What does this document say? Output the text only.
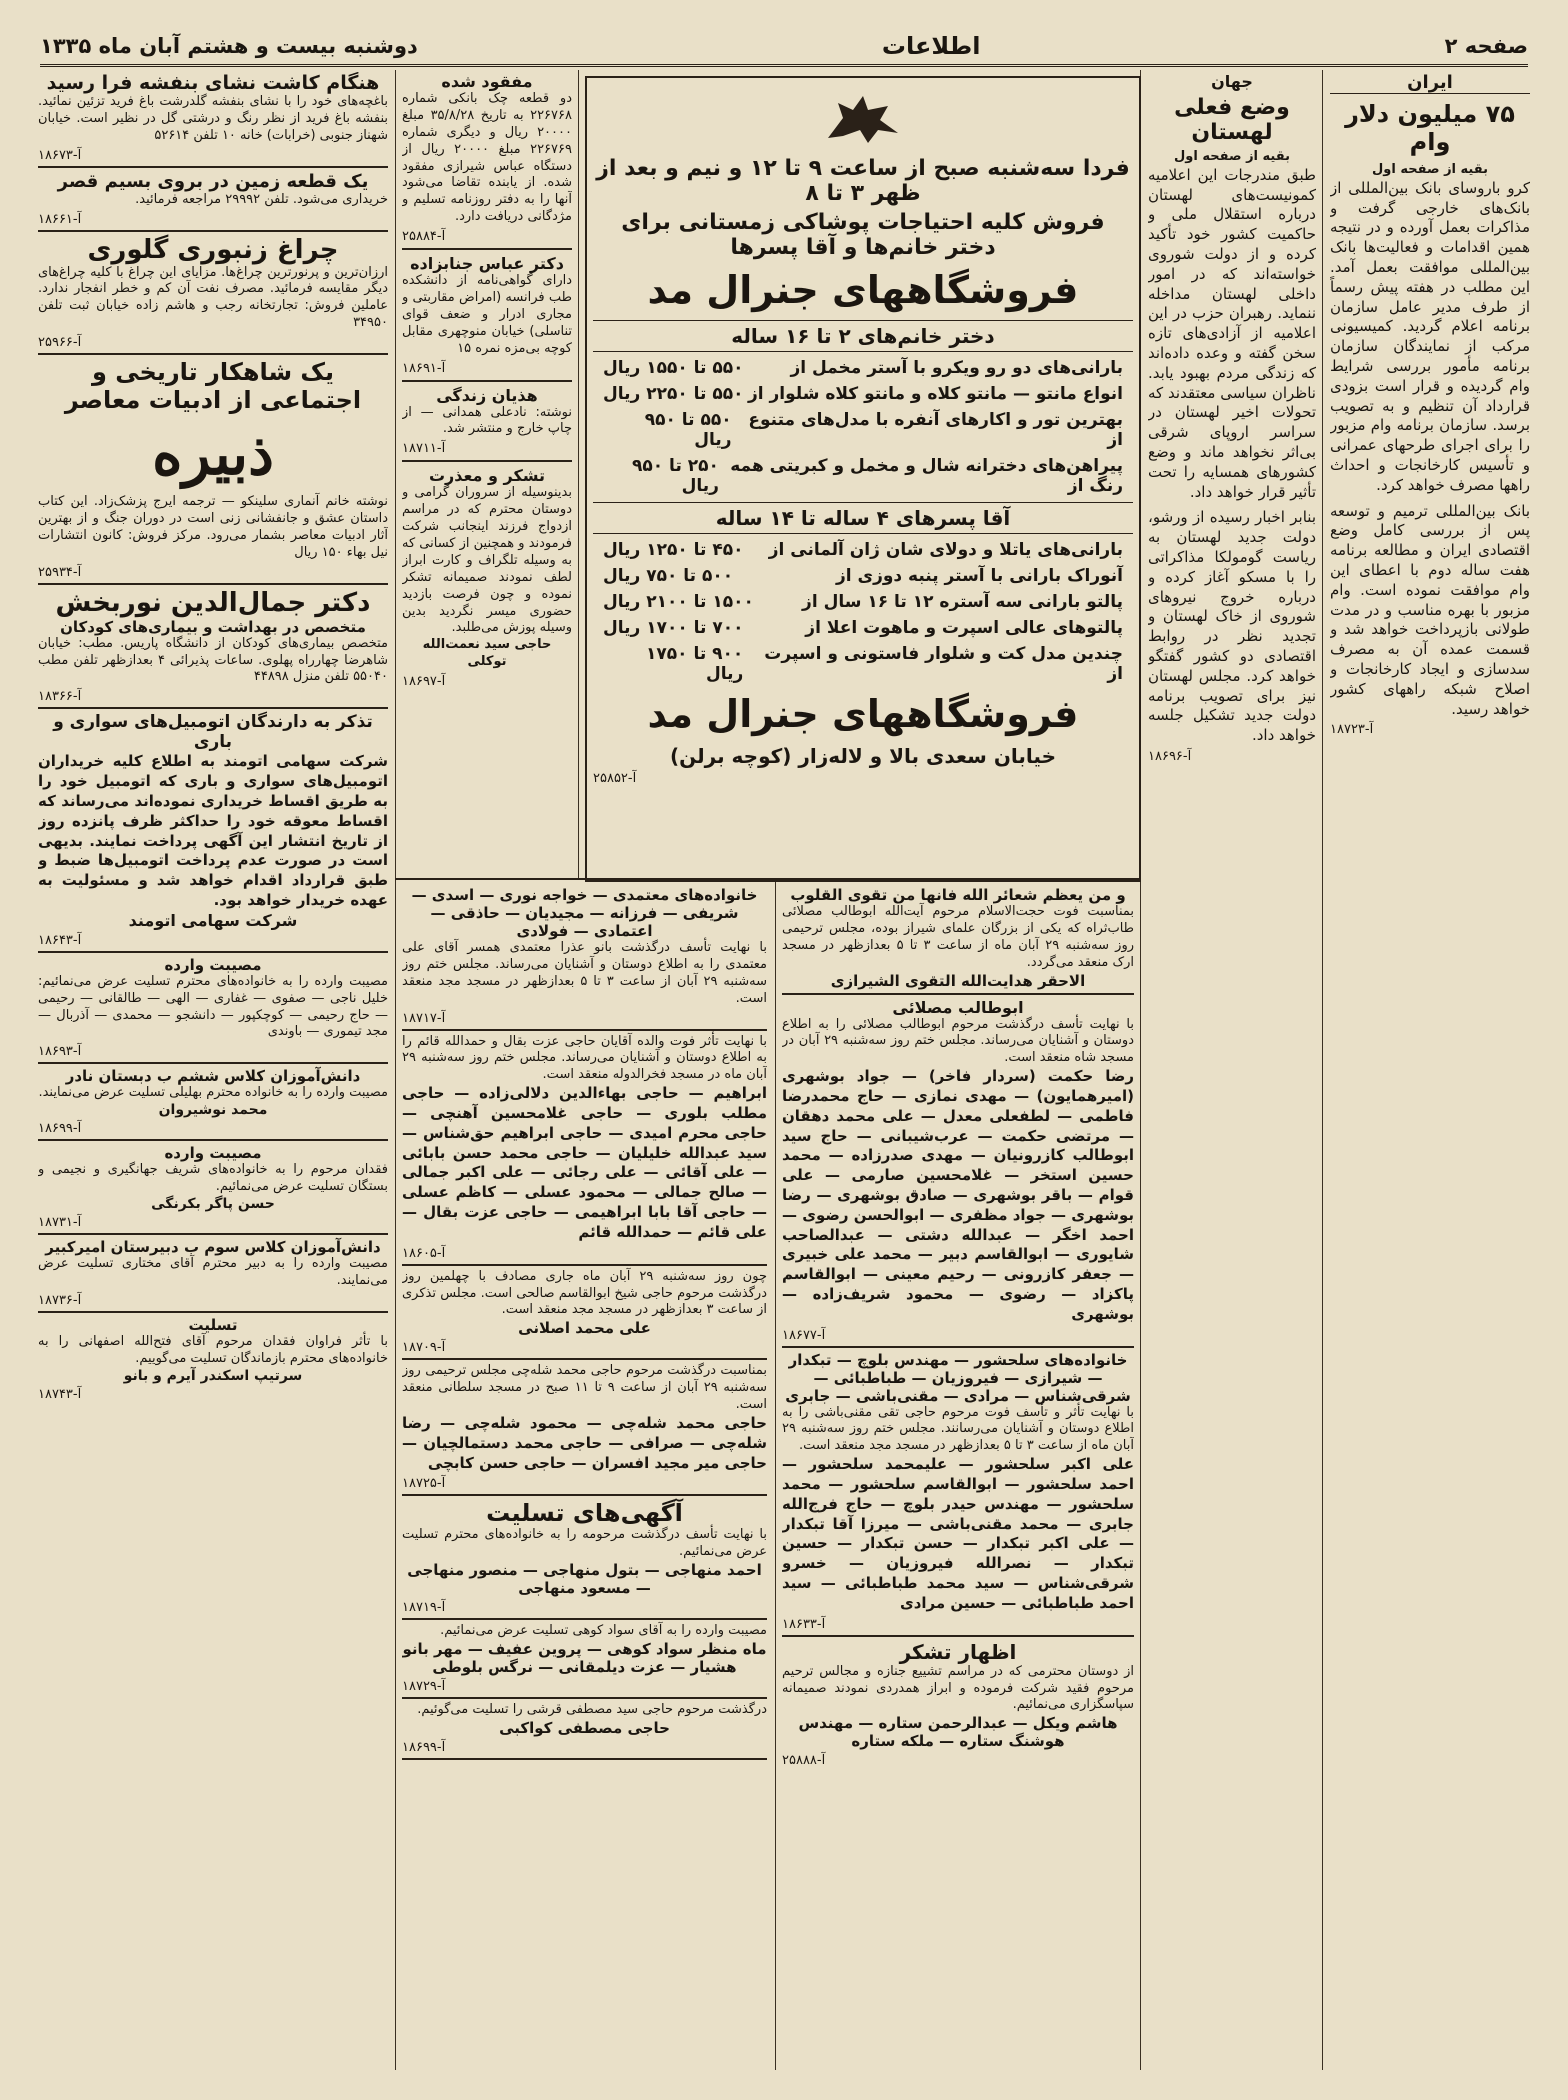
صفحه ۲
اطلاعات
دوشنبه بیست و هشتم آبان ماه ۱۳۳۵
ایران
۷۵ میلیون دلار وام
بقیه از صفحه اول
کرو باروسای بانک بین‌المللی از بانک‌های خارجی گرفت و مذاکرات بعمل آورده و در نتیجه همین اقدامات و فعالیت‌ها بانک بین‌المللی موافقت بعمل آمد. این مطلب در هفته پیش رسماً از طرف مدیر عامل سازمان برنامه اعلام گردید. کمیسیونی مرکب از نمایندگان سازمان برنامه مأمور بررسی شرایط وام گردیده و قرار است بزودی قرارداد آن تنظیم و به تصویب برسد. سازمان برنامه وام مزبور را برای اجرای طرحهای عمرانی و تأسیس کارخانجات و احداث راهها مصرف خواهد کرد.
بانک بین‌المللی ترمیم و توسعه پس از بررسی کامل وضع اقتصادی ایران و مطالعه برنامه هفت ساله دوم با اعطای این وام موافقت نموده است. وام مزبور با بهره مناسب و در مدت طولانی بازپرداخت خواهد شد و قسمت عمده آن به مصرف سدسازی و ایجاد کارخانجات و اصلاح شبکه راههای کشور خواهد رسید.
آ-۱۸۷۲۳
جهان
وضع فعلی لهستان
بقیه از صفحه اول
طبق مندرجات این اعلامیه کمونیست‌های لهستان درباره استقلال ملی و حاکمیت کشور خود تأکید کرده و از دولت شوروی خواسته‌اند که در امور داخلی لهستان مداخله ننماید. رهبران حزب در این اعلامیه از آزادی‌های تازه سخن گفته و وعده داده‌اند که زندگی مردم بهبود یابد. ناظران سیاسی معتقدند که تحولات اخیر لهستان در سراسر اروپای شرقی بی‌اثر نخواهد ماند و وضع کشورهای همسایه را تحت تأثیر قرار خواهد داد.
بنابر اخبار رسیده از ورشو، دولت جدید لهستان به ریاست گومولکا مذاکراتی را با مسکو آغاز کرده و درباره خروج نیروهای شوروی از خاک لهستان و تجدید نظر در روابط اقتصادی دو کشور گفتگو خواهد کرد. مجلس لهستان نیز برای تصویب برنامه دولت جدید تشکیل جلسه خواهد داد.
آ-۱۸۶۹۶
فردا سه‌شنبه صبح از ساعت ۹ تا ۱۲ و نیم و بعد از ظهر ۳ تا ۸
فروش کلیه احتیاجات پوشاکی زمستانی برای دختر خانم‌ها و آقا پسرها
فروشگاههای جنرال مد
دختر خانم‌های ۲ تا ۱۶ ساله
بارانی‌های دو رو ویکرو با آستر مخمل از
۵۵۰ تا ۱۵۵۰ ریال
انواع مانتو — مانتو کلاه و مانتو کلاه شلوار از
۵۵۰ تا ۲۲۵۰ ریال
بهترین تور و اکارهای آنفره با مدل‌های متنوع از
۵۵۰ تا ۹۵۰ ریال
پیراهن‌های دخترانه شال و مخمل و کبریتی همه رنگ از
۲۵۰ تا ۹۵۰ ریال
آقا پسرهای ۴ ساله تا ۱۴ ساله
بارانی‌های یاتلا و دولای شان ژان آلمانی از
۴۵۰ تا ۱۲۵۰ ریال
آنوراک بارانی با آستر پنبه دوزی از
۵۰۰ تا ۷۵۰ ریال
پالتو بارانی سه آستره ۱۲ تا ۱۶ سال از
۱۵۰۰ تا ۲۱۰۰ ریال
پالتوهای عالی اسپرت و ماهوت اعلا از
۷۰۰ تا ۱۷۰۰ ریال
چندین مدل کت و شلوار فاستونی و اسپرت از
۹۰۰ تا ۱۷۵۰ ریال
فروشگاههای جنرال مد
خیابان سعدی بالا و لاله‌زار (کوچه برلن)
آ-۲۵۸۵۲
مفقود شده
دو قطعه چک بانکی شماره ۲۲۶۷۶۸ به تاریخ ۳۵/۸/۲۸ مبلغ ۲۰۰۰۰ ریال و دیگری شماره ۲۲۶۷۶۹ مبلغ ۲۰۰۰۰ ریال از دستگاه عباس شیرازی مفقود شده. از یابنده تقاضا می‌شود آنها را به دفتر روزنامه تسلیم و مژدگانی دریافت دارد.
آ-۲۵۸۸۴
دکتر عباس جنابزاده
دارای گواهی‌نامه از دانشکده طب فرانسه (امراض مقاربتی و مجاری ادرار و ضعف قوای تناسلی) خیابان منوچهری مقابل کوچه بی‌مزه نمره ۱۵
آ-۱۸۶۹۱
هذیان زندگی
نوشته: نادعلی همدانی — از چاپ خارج و منتشر شد.
آ-۱۸۷۱۱
تشکر و معذرت
بدینوسیله از سروران گرامی و دوستان محترم که در مراسم ازدواج فرزند اینجانب شرکت فرمودند و همچنین از کسانی که به وسیله تلگراف و کارت ابراز لطف نمودند صمیمانه تشکر نموده و چون فرصت بازدید حضوری میسر نگردید بدین وسیله پوزش می‌طلبد.
حاجی سید نعمت‌الله توکلی
آ-۱۸۶۹۷
هنگام کاشت نشای بنفشه فرا رسید
باغچه‌های خود را با نشای بنفشه گلدرشت باغ فرید تزئین نمائید. بنفشه باغ فرید از نظر رنگ و درشتی گل در نظیر است. خیابان شهناز جنوبی (خرابات) خانه ۱۰ تلفن ۵۲۶۱۴
آ-۱۸۶۷۳
یک قطعه زمین در بروی بسیم قصر
خریداری می‌شود. تلفن ۲۹۹۹۲ مراجعه فرمائید.
آ-۱۸۶۶۱
چراغ زنبوری گلوری
ارزان‌ترین و پرنورترین چراغ‌ها. مزایای این چراغ با کلیه چراغ‌های دیگر مقایسه فرمائید. مصرف نفت آن کم و خطر انفجار ندارد. عاملین فروش: تجارتخانه رجب و هاشم زاده خیابان ثبت تلفن ۳۴۹۵۰
آ-۲۵۹۶۶
یک شاهکار تاریخی و
اجتماعی از ادبیات معاصر
ذبیره
نوشته خانم آنماری سلینکو — ترجمه ایرج پزشک‌زاد. این کتاب داستان عشق و جانفشانی زنی است در دوران جنگ و از بهترین آثار ادبیات معاصر بشمار می‌رود. مرکز فروش: کانون انتشارات نیل بهاء ۱۵۰ ریال
آ-۲۵۹۳۴
دکتر جمال‌الدین نوربخش
متخصص در بهداشت و بیماری‌های کودکان
متخصص بیماری‌های کودکان از دانشگاه پاریس. مطب: خیابان شاهرضا چهارراه پهلوی. ساعات پذیرائی ۴ بعدازظهر تلفن مطب ۵۵۰۴۰ تلفن منزل ۴۴۸۹۸
آ-۱۸۳۶۶
تذکر به دارندگان اتومبیل‌های سواری و باری
شرکت سهامی اتومند به اطلاع کلیه خریداران اتومبیل‌های سواری و باری که اتومبیل خود را به طریق اقساط خریداری نموده‌اند می‌رساند که اقساط معوقه خود را حداکثر ظرف پانزده روز از تاریخ انتشار این آگهی پرداخت نمایند. بدیهی است در صورت عدم پرداخت اتومبیل‌ها ضبط و طبق قرارداد اقدام خواهد شد و مسئولیت به عهده خریدار خواهد بود.
شرکت سهامی اتومند
آ-۱۸۶۴۳
مصیبت وارده
مصیبت وارده را به خانواده‌های محترم تسلیت عرض می‌نمائیم: خلیل ناجی — صفوی — غفاری — الهی — طالقانی — رحیمی — حاج رحیمی — کوچکپور — دانشجو — محمدی — آذربال — مجد تیموری — باوندی
آ-۱۸۶۹۳
دانش‌آموزان کلاس ششم ب دبستان نادر
مصیبت وارده را به خانواده محترم بهلیلی تسلیت عرض می‌نمایند.
محمد نوشیروان
آ-۱۸۶۹۹
مصیبت وارده
فقدان مرحوم را به خانواده‌های شریف جهانگیری و نجیمی و بستگان تسلیت عرض می‌نمائیم.
حسن پاگر بکرنگی
آ-۱۸۷۳۱
دانش‌آموزان کلاس سوم ب دبیرستان امیرکبیر
مصیبت وارده را به دبیر محترم آقای مختاری تسلیت عرض می‌نمایند.
آ-۱۸۷۳۶
تسلیت
با تأثر فراوان فقدان مرحوم آقای فتح‌الله اصفهانی را به خانواده‌های محترم بازماندگان تسلیت می‌گوییم.
سرتیپ اسکندر آیرم و بانو
آ-۱۸۷۴۳
خانواده‌های معتمدی — خواجه نوری — اسدی — شریفی — فرزانه — مجیدیان — حاذقی — اعتمادی — فولادی
با نهایت تأسف درگذشت بانو عذرا معتمدی همسر آقای علی معتمدی را به اطلاع دوستان و آشنایان می‌رساند. مجلس ختم روز سه‌شنبه ۲۹ آبان از ساعت ۳ تا ۵ بعدازظهر در مسجد مجد منعقد است.
آ-۱۸۷۱۷
با نهایت تأثر فوت والده آقایان حاجی عزت بقال و حمدالله قائم را به اطلاع دوستان و آشنایان می‌رساند. مجلس ختم روز سه‌شنبه ۲۹ آبان ماه در مسجد فخرالدوله منعقد است.
ابراهیم — حاجی بهاءالدین دلالی‌زاده — حاجی مطلب بلوری — حاجی غلامحسین آهنچی — حاجی محرم امیدی — حاجی ابراهیم حق‌شناس — سید عبدالله خلیلیان — حاجی محمد حسن بابائی — علی آقائی — علی رجائی — علی اکبر جمالی — صالح جمالی — محمود عسلی — کاظم عسلی — حاجی آقا بابا ابراهیمی — حاجی عزت بقال — علی قائم — حمدالله قائم
آ-۱۸۶۰۵
چون روز سه‌شنبه ۲۹ آبان ماه جاری مصادف با چهلمین روز درگذشت مرحوم حاجی شیخ ابوالقاسم صالحی است. مجلس تذکری از ساعت ۳ بعدازظهر در مسجد مجد منعقد است.
علی محمد اصلانی
آ-۱۸۷۰۹
بمناسبت درگذشت مرحوم حاجی محمد شله‌چی مجلس ترحیمی روز سه‌شنبه ۲۹ آبان از ساعت ۹ تا ۱۱ صبح در مسجد سلطانی منعقد است.
حاجی محمد شله‌چی — محمود شله‌چی — رضا شله‌چی — صرافی — حاجی محمد دستمالچیان — حاجی میر مجید افسران — حاجی حسن کابچی
آ-۱۸۷۲۵
آگهی‌های تسلیت
با نهایت تأسف درگذشت مرحومه را به خانواده‌های محترم تسلیت عرض می‌نمائیم.
احمد منهاجی — بتول منهاجی — منصور منهاجی — مسعود منهاجی
آ-۱۸۷۱۹
مصیبت وارده را به آقای سواد کوهی تسلیت عرض می‌نمائیم.
ماه منظر سواد کوهی — پروین عفیف — مهر بانو هشیار — عزت دیلمقانی — نرگس بلوطی
آ-۱۸۷۲۹
درگذشت مرحوم حاجی سید مصطفی قرشی را تسلیت می‌گوئیم.
حاجی مصطفی کواکبی
آ-۱۸۶۹۹
و من یعظم شعائر الله فانها من تقوی القلوب
بمناسبت فوت حجت‌الاسلام مرحوم آیت‌الله ابوطالب مصلائی طاب‌ثراه که یکی از بزرگان علمای شیراز بوده، مجلس ترحیمی روز سه‌شنبه ۲۹ آبان ماه از ساعت ۳ تا ۵ بعدازظهر در مسجد ارک منعقد می‌گردد.
الاحقر هدایت‌الله التقوی الشیرازی
ابوطالب مصلائی
با نهایت تأسف درگذشت مرحوم ابوطالب مصلائی را به اطلاع دوستان و آشنایان می‌رساند. مجلس ختم روز سه‌شنبه ۲۹ آبان در مسجد شاه منعقد است.
رضا حکمت (سردار فاخر) — جواد بوشهری (امیرهمایون) — مهدی نمازی — حاج محمدرضا فاطمی — لطفعلی معدل — علی محمد دهقان — مرتضی حکمت — عرب‌شیبانی — حاج سید ابوطالب کازرونیان — مهدی صدرزاده — محمد حسین استخر — غلامحسین صارمی — علی قوام — باقر بوشهری — صادق بوشهری — رضا بوشهری — جواد مظفری — ابوالحسن رضوی — احمد اخگر — عبدالله دشتی — عبدالصاحب شایوری — ابوالقاسم دبیر — محمد علی خبیری — جعفر کازرونی — رحیم معینی — ابوالقاسم پاکزاد — رضوی — محمود شریف‌زاده — بوشهری
آ-۱۸۶۷۷
خانواده‌های سلحشور — مهندس بلوچ — تبکدار — شیرازی — فیروزیان — طباطبائی — شرقی‌شناس — مرادی — مقنی‌باشی — جابری
با نهایت تأثر و تأسف فوت مرحوم حاجی تقی مقنی‌باشی را به اطلاع دوستان و آشنایان می‌رسانند. مجلس ختم روز سه‌شنبه ۲۹ آبان ماه از ساعت ۳ تا ۵ بعدازظهر در مسجد مجد منعقد است.
علی اکبر سلحشور — علیمحمد سلحشور — احمد سلحشور — ابوالقاسم سلحشور — محمد سلحشور — مهندس حیدر بلوچ — حاج فرج‌الله جابری — محمد مقنی‌باشی — میرزا آقا تبکدار — علی اکبر تبکدار — حسن تبکدار — حسین تبکدار — نصرالله فیروزیان — خسرو شرقی‌شناس — سید محمد طباطبائی — سید احمد طباطبائی — حسین مرادی
آ-۱۸۶۳۳
اظهار تشکر
از دوستان محترمی که در مراسم تشییع جنازه و مجالس ترحیم مرحوم فقید شرکت فرموده و ابراز همدردی نمودند صمیمانه سپاسگزاری می‌نمائیم.
هاشم ویکل — عبدالرحمن ستاره — مهندس هوشنگ ستاره — ملکه ستاره
آ-۲۵۸۸۸
